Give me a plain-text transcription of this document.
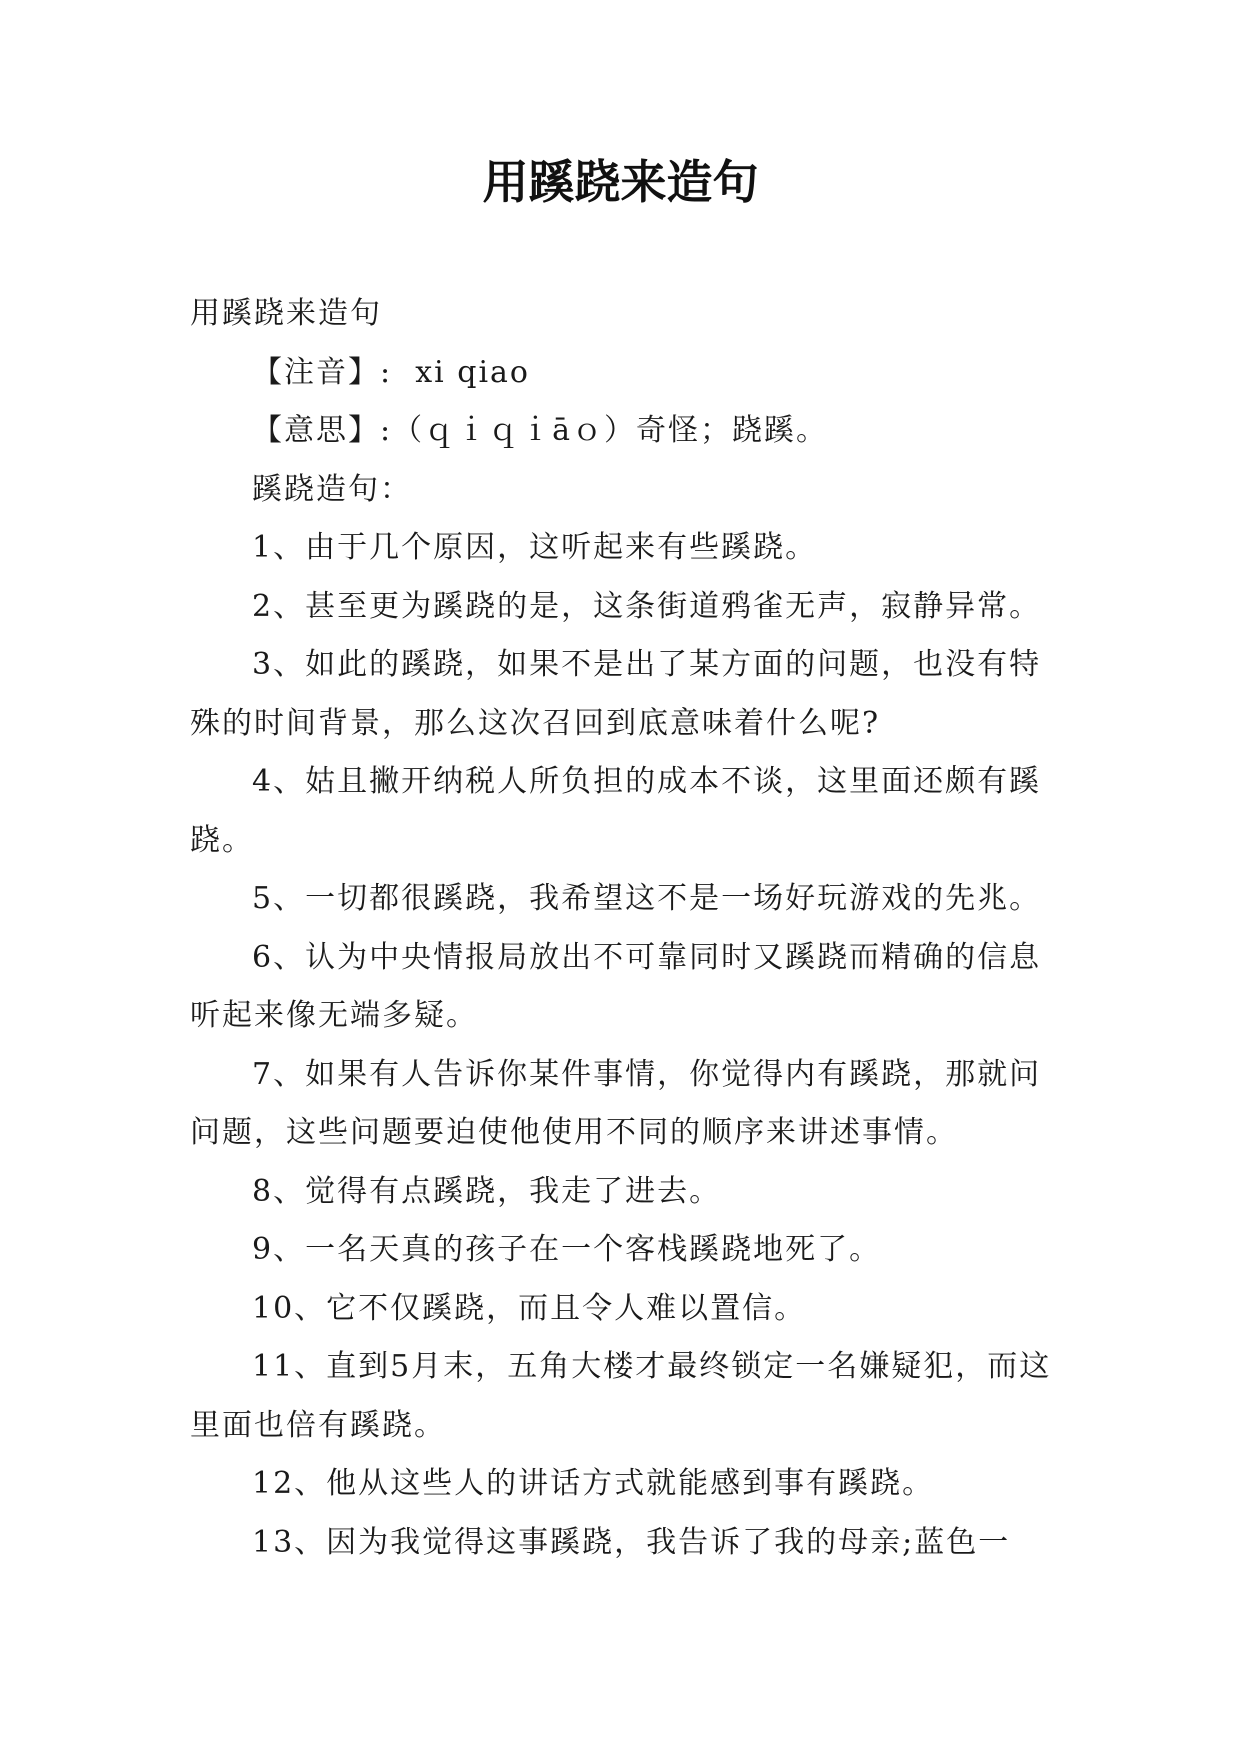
用蹊跷来造句

用蹊跷来造句

【注音】: xi qiao

【意思】:（ｑｉｑｉāｏ）奇怪；跷蹊。

蹊跷造句：

1、由于几个原因，这听起来有些蹊跷。

2、甚至更为蹊跷的是，这条街道鸦雀无声，寂静异常。

3、如此的蹊跷，如果不是出了某方面的问题，也没有特殊的时间背景，那么这次召回到底意味着什么呢?

4、姑且撇开纳税人所负担的成本不谈，这里面还颇有蹊跷。

5、一切都很蹊跷，我希望这不是一场好玩游戏的先兆。

6、认为中央情报局放出不可靠同时又蹊跷而精确的信息听起来像无端多疑。

7、如果有人告诉你某件事情，你觉得内有蹊跷，那就问问题，这些问题要迫使他使用不同的顺序来讲述事情。

8、觉得有点蹊跷，我走了进去。

9、一名天真的孩子在一个客栈蹊跷地死了。

10、它不仅蹊跷，而且令人难以置信。

11、直到5月末，五角大楼才最终锁定一名嫌疑犯，而这里面也倍有蹊跷。

12、他从这些人的讲话方式就能感到事有蹊跷。

13、因为我觉得这事蹊跷，我告诉了我的母亲;蓝色一
